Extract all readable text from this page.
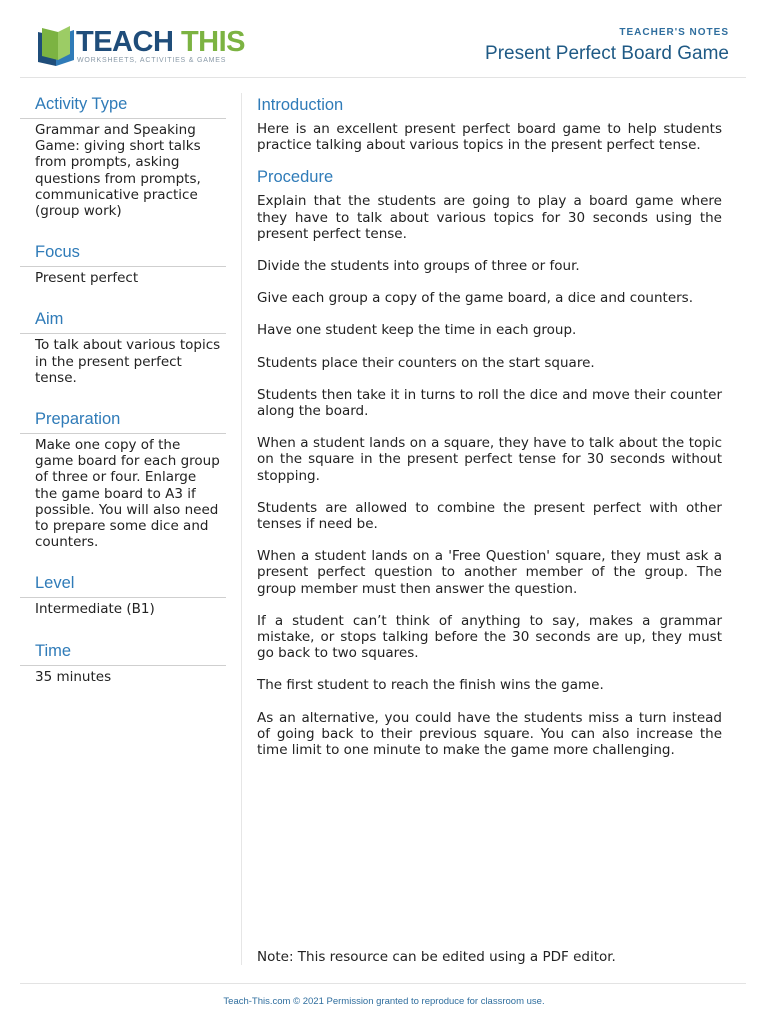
TEACH THIS
WORKSHEETS, ACTIVITIES & GAMES
TEACHER'S NOTES
Present Perfect Board Game
Activity Type
Grammar and Speaking Game: giving short talks from prompts, asking questions from prompts, communicative practice (group work)
Focus
Present perfect
Aim
To talk about various topics in the present perfect tense.
Preparation
Make one copy of the game board for each group of three or four. Enlarge the game board to A3 if possible. You will also need to prepare some dice and counters.
Level
Intermediate (B1)
Time
35 minutes
Introduction

Here is an excellent present perfect board game to help students practice talking about various topics in the present perfect tense.

Procedure

Explain that the students are going to play a board game where they have to talk about various topics for 30 seconds using the present perfect tense.

Divide the students into groups of three or four.

Give each group a copy of the game board, a dice and counters.

Have one student keep the time in each group.

Students place their counters on the start square.

Students then take it in turns to roll the dice and move their counter along the board.

When a student lands on a square, they have to talk about the topic on the square in the present perfect tense for 30 seconds without stopping.

Students are allowed to combine the present perfect with other tenses if need be.

When a student lands on a 'Free Question' square, they must ask a present perfect question to another member of the group. The group member must then answer the question.

If a student can’t think of anything to say, makes a grammar mistake, or stops talking before the 30 seconds are up, they must go back to two squares.

The first student to reach the finish wins the game.

As an alternative, you could have the students miss a turn instead of going back to their previous square. You can also increase the time limit to one minute to make the game more challenging.

Note: This resource can be edited using a PDF editor.
Teach-This.com © 2021 Permission granted to reproduce for classroom use.
